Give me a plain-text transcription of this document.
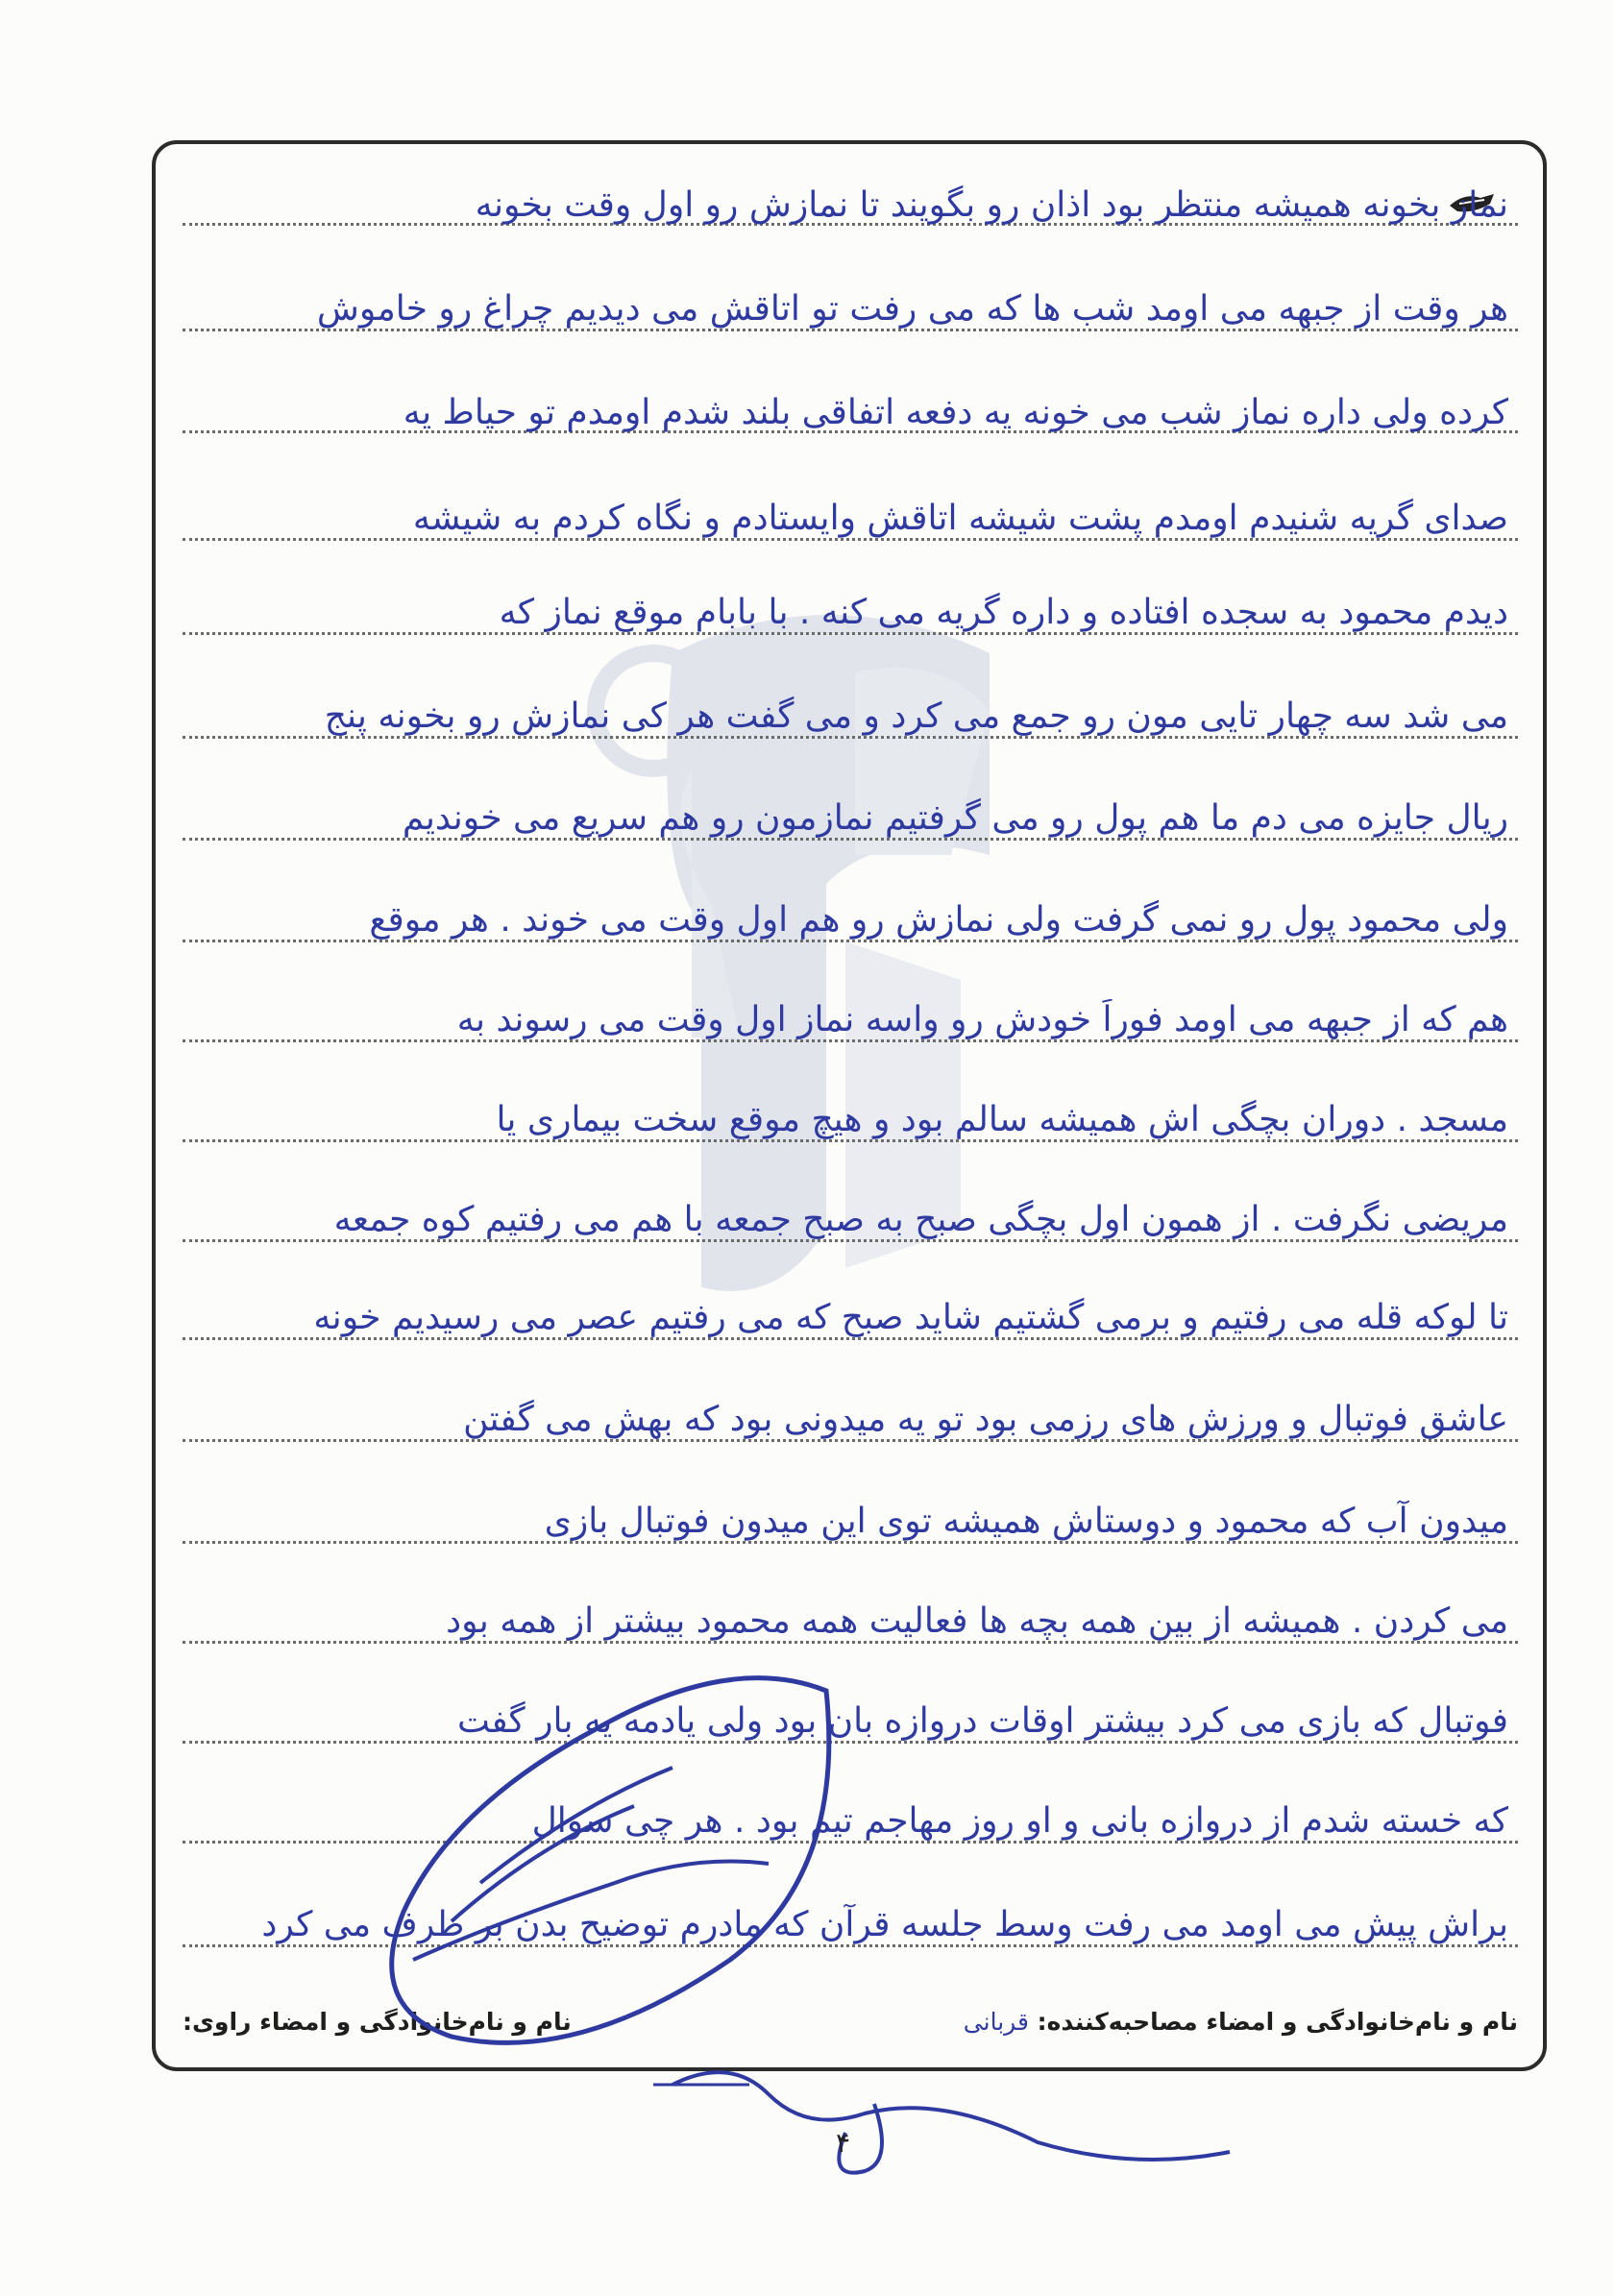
نماز بخونه همیشه منتظر بود اذان رو بگویند تا نمازش رو اول وقت بخونه
هر وقت از جبهه می اومد شب ها که می رفت تو اتاقش می دیدیم چراغ رو خاموش
کرده ولی داره نماز شب می خونه یه دفعه اتفاقی بلند شدم اومدم تو حیاط یه
صدای گریه شنیدم اومدم پشت شیشه اتاقش وایستادم و نگاه کردم به شیشه
دیدم محمود به سجده افتاده و داره گریه می کنه . با بابام موقع نماز که
می شد سه چهار تایی مون رو جمع می کرد و می گفت هر کی نمازش رو بخونه پنج
ریال جایزه می دم ما هم پول رو می گرفتیم نمازمون رو هم سریع می خوندیم
ولی محمود پول رو نمی گرفت ولی نمازش رو هم اول وقت می خوند . هر موقع
هم که از جبهه می اومد فوراً خودش رو واسه نماز اول وقت می رسوند به
مسجد . دوران بچگی اش همیشه سالم بود و هیچ موقع سخت بیماری یا
مریضی نگرفت . از همون اول بچگی صبح به صبح جمعه با هم می رفتیم کوه جمعه
تا لوکه قله می رفتیم و برمی گشتیم شاید صبح که می رفتیم عصر می رسیدیم خونه
عاشق فوتبال و ورزش های رزمی بود تو یه میدونی بود که بهش می گفتن
میدون آب که محمود و دوستاش همیشه توی این میدون فوتبال بازی
می کردن . همیشه از بین همه بچه ها فعالیت همه محمود بیشتر از همه بود
فوتبال که بازی می کرد بیشتر اوقات دروازه بان بود ولی یادمه یه بار گفت
که خسته شدم از دروازه بانی و او روز مهاجم تیم بود . هر چی سوال
براش پیش می اومد می رفت وسط جلسه قرآن که مادرم توضیح بدن بر طرف می کرد
نام و نام‌خانوادگی و امضاء مصاحبه‌کننده: قربانی
نام و نام‌خانوادگی و امضاء راوی:
۴
